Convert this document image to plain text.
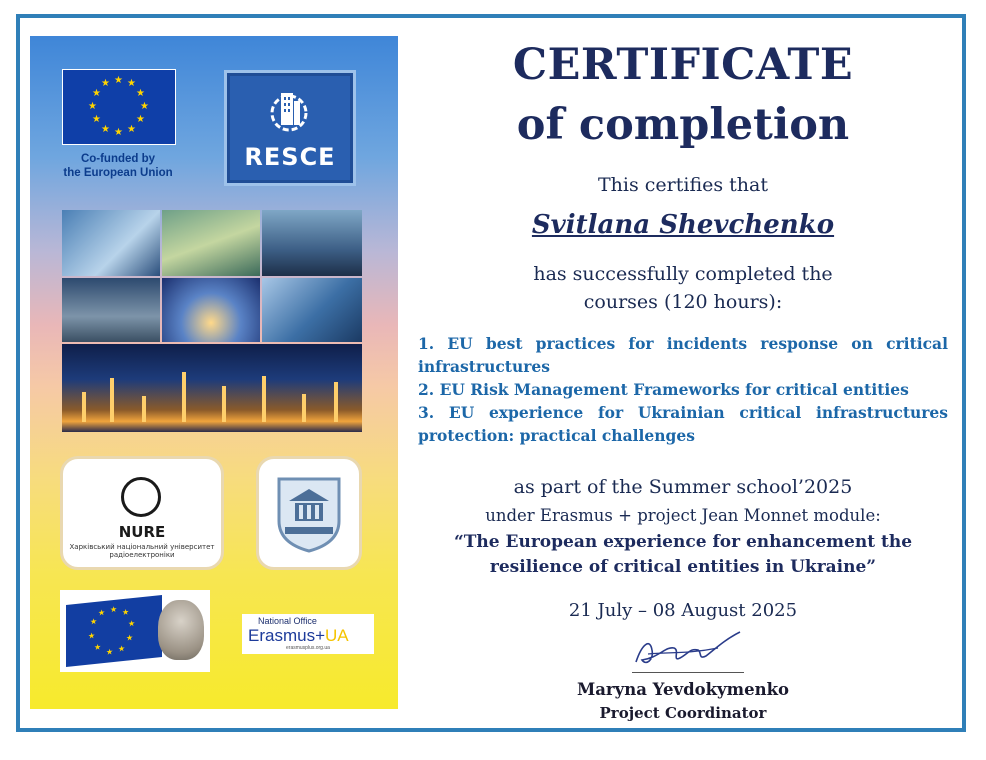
★ ★
★
★
★
★
★
★
★
★
★
★
Co-funded by
the European Union
RESCE
NURE
Харківський національний університет
радіоелектроніки
★ ★
★
★
★
★
★
★
★
★
National Office
Erasmus+UA
erasmusplus.org.ua
CERTIFICATE
of completion
This certifies that
Svitlana Shevchenko
has successfully completed the
courses (120 hours):
1. EU best practices for incidents response on critical infrastructures
2. EU Risk Management Frameworks for critical entities
3. EU experience for Ukrainian critical infrastructures protection: practical challenges
as part of the Summer school’2025
under Erasmus + project Jean Monnet module:
“The European experience for enhancement the
resilience of critical entities in Ukraine”
21 July – 08 August 2025
Maryna Yevdokymenko
Project Coordinator
